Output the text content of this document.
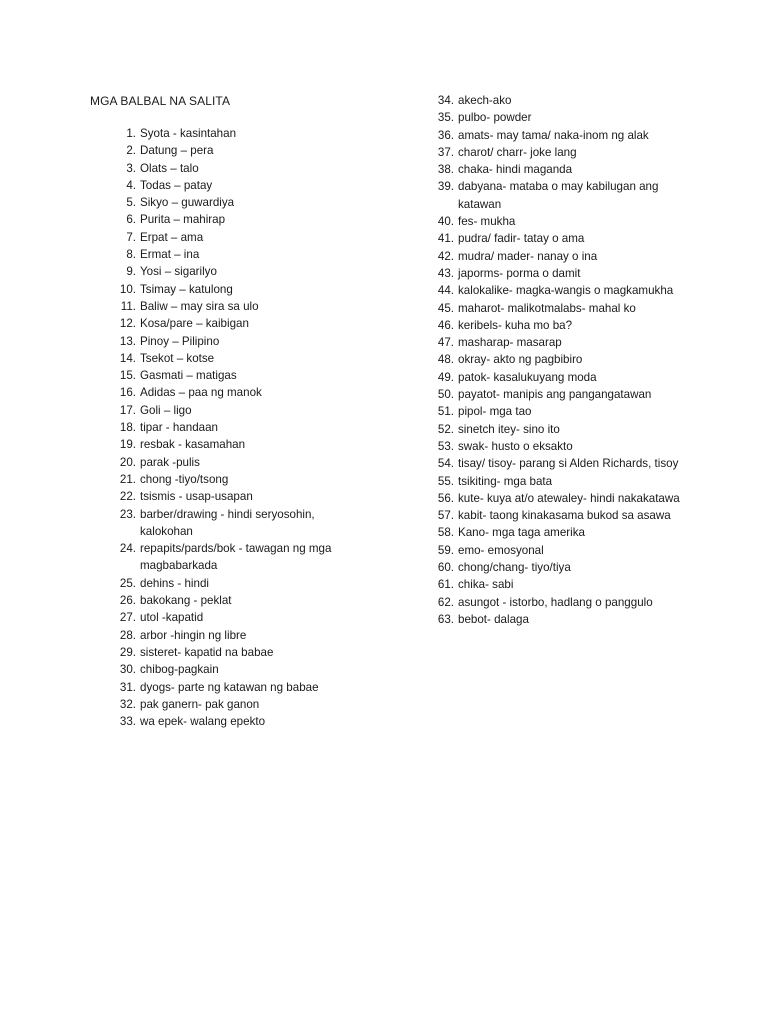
MGA BALBAL NA SALITA
1. Syota - kasintahan
2. Datung – pera
3. Olats – talo
4. Todas – patay
5. Sikyo – guwardiya
6. Purita – mahirap
7. Erpat – ama
8. Ermat – ina
9. Yosi – sigarilyo
10. Tsimay – katulong
11. Baliw – may sira sa ulo
12. Kosa/pare – kaibigan
13. Pinoy – Pilipino
14. Tsekot – kotse
15. Gasmati – matigas
16. Adidas – paa ng manok
17. Goli – ligo
18. tipar - handaan
19. resbak - kasamahan
20. parak -pulis
21. chong -tiyo/tsong
22. tsismis - usap-usapan
23. barber/drawing - hindi seryosohin, kalokohan
24. repapits/pards/bok - tawagan ng mga magbabarkada
25. dehins - hindi
26. bakokang - peklat
27. utol -kapatid
28. arbor -hingin ng libre
29. sisteret- kapatid na babae
30. chibog-pagkain
31. dyogs- parte ng katawan ng babae
32. pak ganern- pak ganon
33. wa epek- walang epekto
34. akech-ako
35. pulbo- powder
36. amats- may tama/ naka-inom ng alak
37. charot/ charr- joke lang
38. chaka- hindi maganda
39. dabyana- mataba o may kabilugan ang katawan
40. fes- mukha
41. pudra/ fadir- tatay o ama
42. mudra/ mader- nanay o ina
43. japorms- porma o damit
44. kalokalike- magka-wangis o magkamukha
45. maharot- malikotmalabs- mahal ko
46. keribels- kuha mo ba?
47. masharap- masarap
48. okray- akto ng pagbibiro
49. patok- kasalukuyang moda
50. payatot- manipis ang pangangatawan
51. pipol- mga tao
52. sinetch itey- sino ito
53. swak- husto o eksakto
54. tisay/ tisoy- parang si Alden Richards, tisoy
55. tsikiting- mga bata
56. kute- kuya at/o atewaley- hindi nakakatawa
57. kabit- taong kinakasama bukod sa asawa
58. Kano- mga taga amerika
59. emo- emosyonal
60. chong/chang- tiyo/tiya
61. chika- sabi
62. asungot - istorbo, hadlang o panggulo
63. bebot- dalaga
